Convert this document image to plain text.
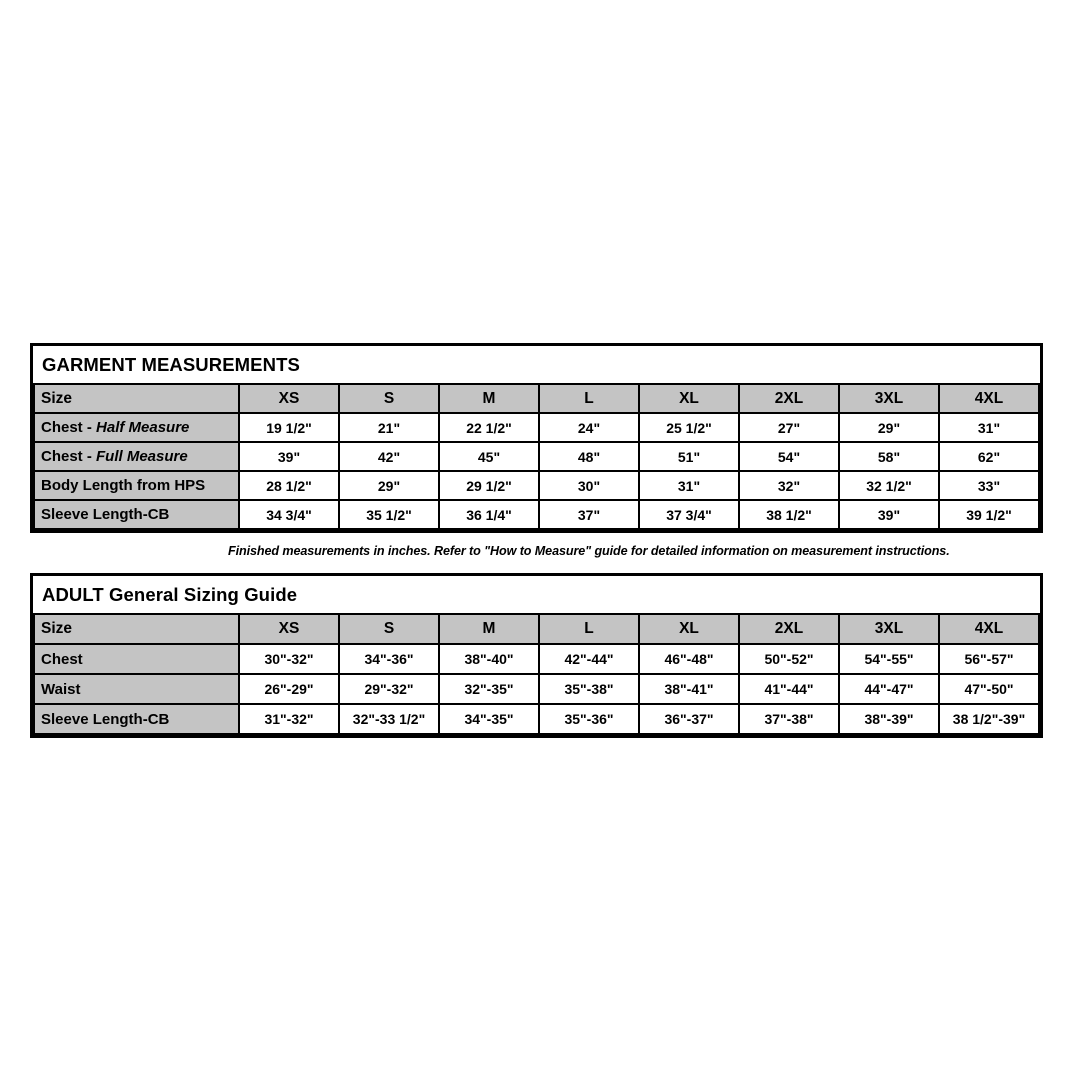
GARMENT MEASUREMENTS								
Size	XS	S	M	L	XL	2XL	3XL	4XL
Chest - Half Measure	19 1/2"	21"	22 1/2"	24"	25 1/2"	27"	29"	31"
Chest - Full Measure	39"	42"	45"	48"	51"	54"	58"	62"
Body Length from HPS	28 1/2"	29"	29 1/2"	30"	31"	32"	32 1/2"	33"
Sleeve Length-CB	34 3/4"	35 1/2"	36 1/4"	37"	37 3/4"	38 1/2"	39"	39 1/2"
Finished measurements in inches. Refer to "How to Measure" guide for detailed information on measurement instructions.
ADULT General Sizing Guide								
Size	XS	S	M	L	XL	2XL	3XL	4XL
Chest	30"-32"	34"-36"	38"-40"	42"-44"	46"-48"	50"-52"	54"-55"	56"-57"
Waist	26"-29"	29"-32"	32"-35"	35"-38"	38"-41"	41"-44"	44"-47"	47"-50"
Sleeve Length-CB	31"-32"	32"-33 1/2"	34"-35"	35"-36"	36"-37"	37"-38"	38"-39"	38 1/2"-39"
